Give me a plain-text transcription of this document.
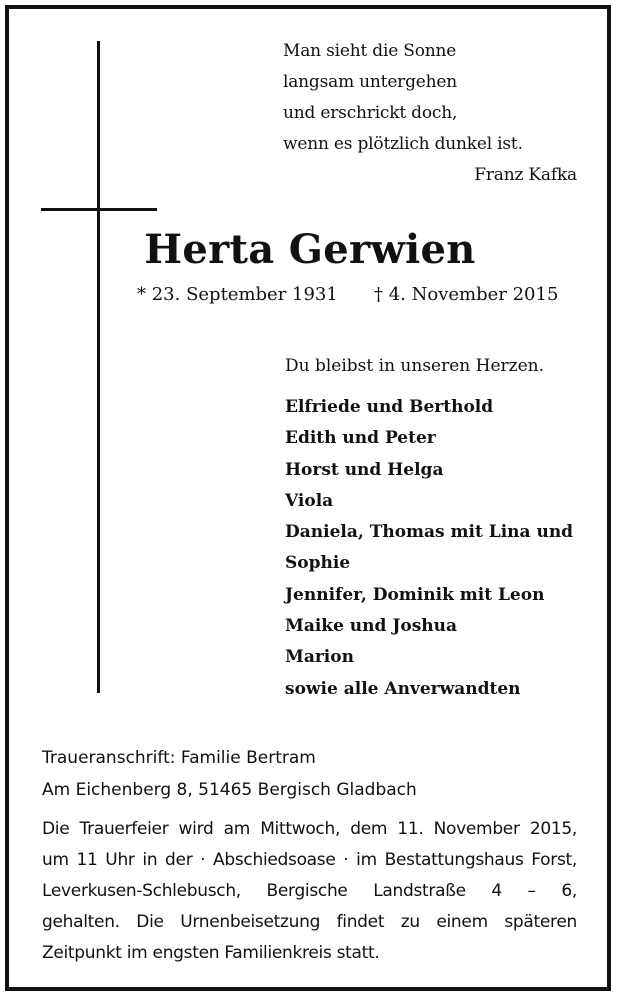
Man sieht die Sonne
langsam untergehen
und erschrickt doch,
wenn es plötzlich dunkel ist.
Franz Kafka
Herta Gerwien
* 23. September 1931 † 4. November 2015
Du bleibst in unseren Herzen.
Elfriede und Berthold
Edith und Peter
Horst und Helga
Viola
Daniela, Thomas mit Lina und
Sophie
Jennifer, Dominik mit Leon
Maike und Joshua
Marion
sowie alle Anverwandten
Traueranschrift: Familie Bertram
Am Eichenberg 8, 51465 Bergisch Gladbach
Die Trauerfeier wird am Mittwoch, dem 11. November 2015,
um 11 Uhr in der · Abschiedsoase · im Bestattungshaus Forst,
Leverkusen-Schlebusch, Bergische Landstraße 4 – 6,
gehalten. Die Urnenbeisetzung findet zu einem späteren
Zeitpunkt im engsten Familienkreis statt.
